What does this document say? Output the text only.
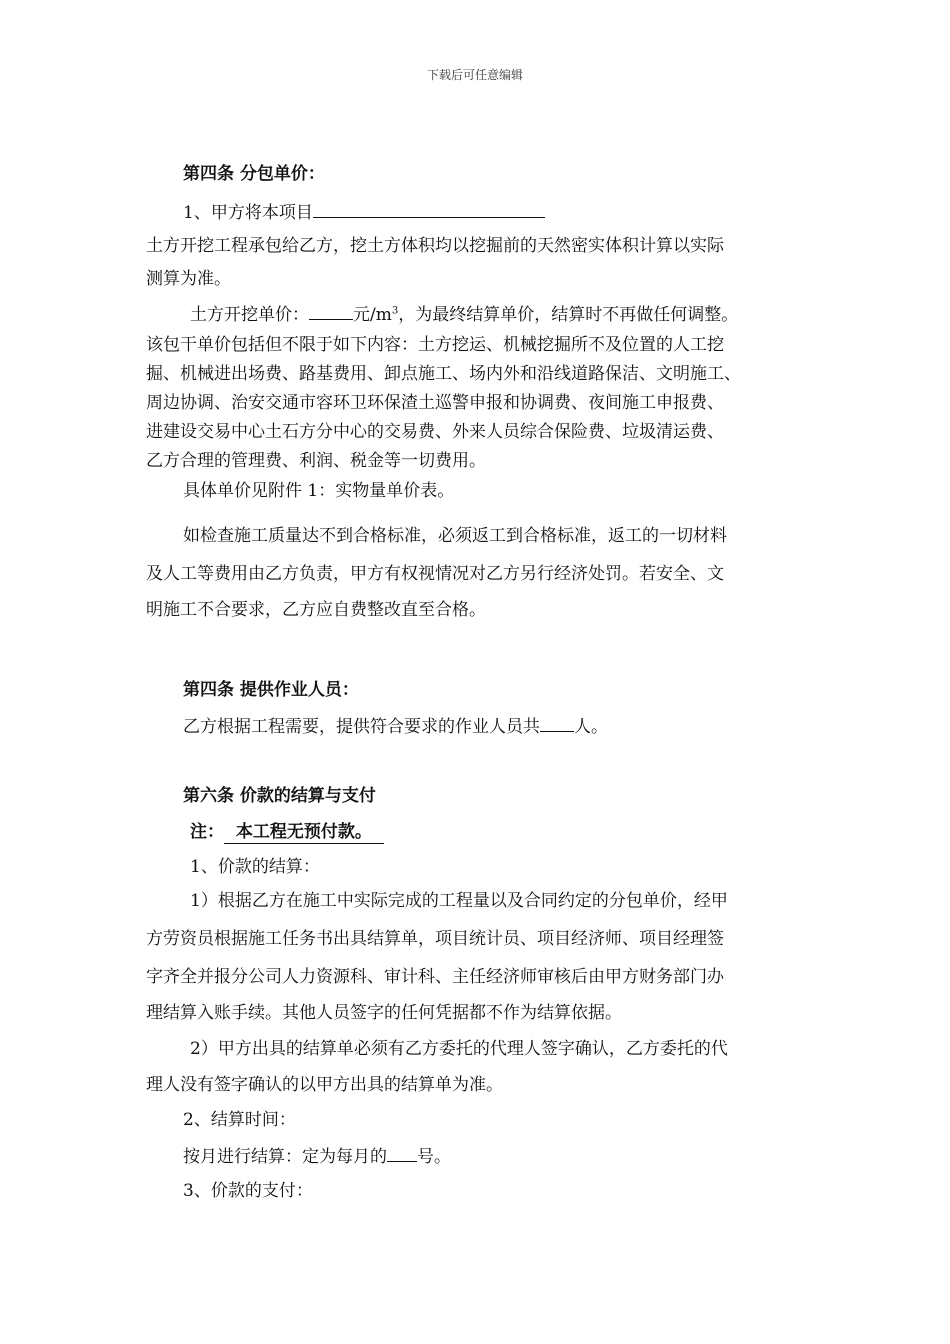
下载后可任意编辑
第四条 分包单价：
1、甲方将本项目
土方开挖工程承包给乙方，挖土方体积均以挖掘前的天然密实体积计算以实际
测算为准。
土方开挖单价：	元$/m^3$，为最终结算单价，结算时不再做任何调整。
该包干单价包括但不限于如下内容：土方挖运、机械挖掘所不及位置的人工挖
掘、机械进出场费、路基费用、卸点施工、场内外和沿线道路保洁、文明施工、
周边协调、治安交通市容环卫环保渣土巡警申报和协调费、夜间施工申报费、
进建设交易中心土石方分中心的交易费、外来人员综合保险费、垃圾清运费、
乙方合理的管理费、利润、税金等一切费用。
具体单价见附件 1：实物量单价表。
如检查施工质量达不到合格标准，必须返工到合格标准，返工的一切材料
及人工等费用由乙方负责，甲方有权视情况对乙方另行经济处罚。若安全、文
明施工不合要求，乙方应自费整改直至合格。
第四条 提供作业人员：
乙方根据工程需要，提供符合要求的作业人员共 人。
第六条 价款的结算与支付
注：  本工程无预付款。
1、价款的结算：
1）根据乙方在施工中实际完成的工程量以及合同约定的分包单价，经甲
方劳资员根据施工任务书出具结算单，项目统计员、项目经济师、项目经理签
字齐全并报分公司人力资源科、审计科、主任经济师审核后由甲方财务部门办
理结算入账手续。其他人员签字的任何凭据都不作为结算依据。
2）甲方出具的结算单必须有乙方委托的代理人签字确认，乙方委托的代
理人没有签字确认的以甲方出具的结算单为准。
2、结算时间：
按月进行结算：定为每月的 号。
3、价款的支付：
